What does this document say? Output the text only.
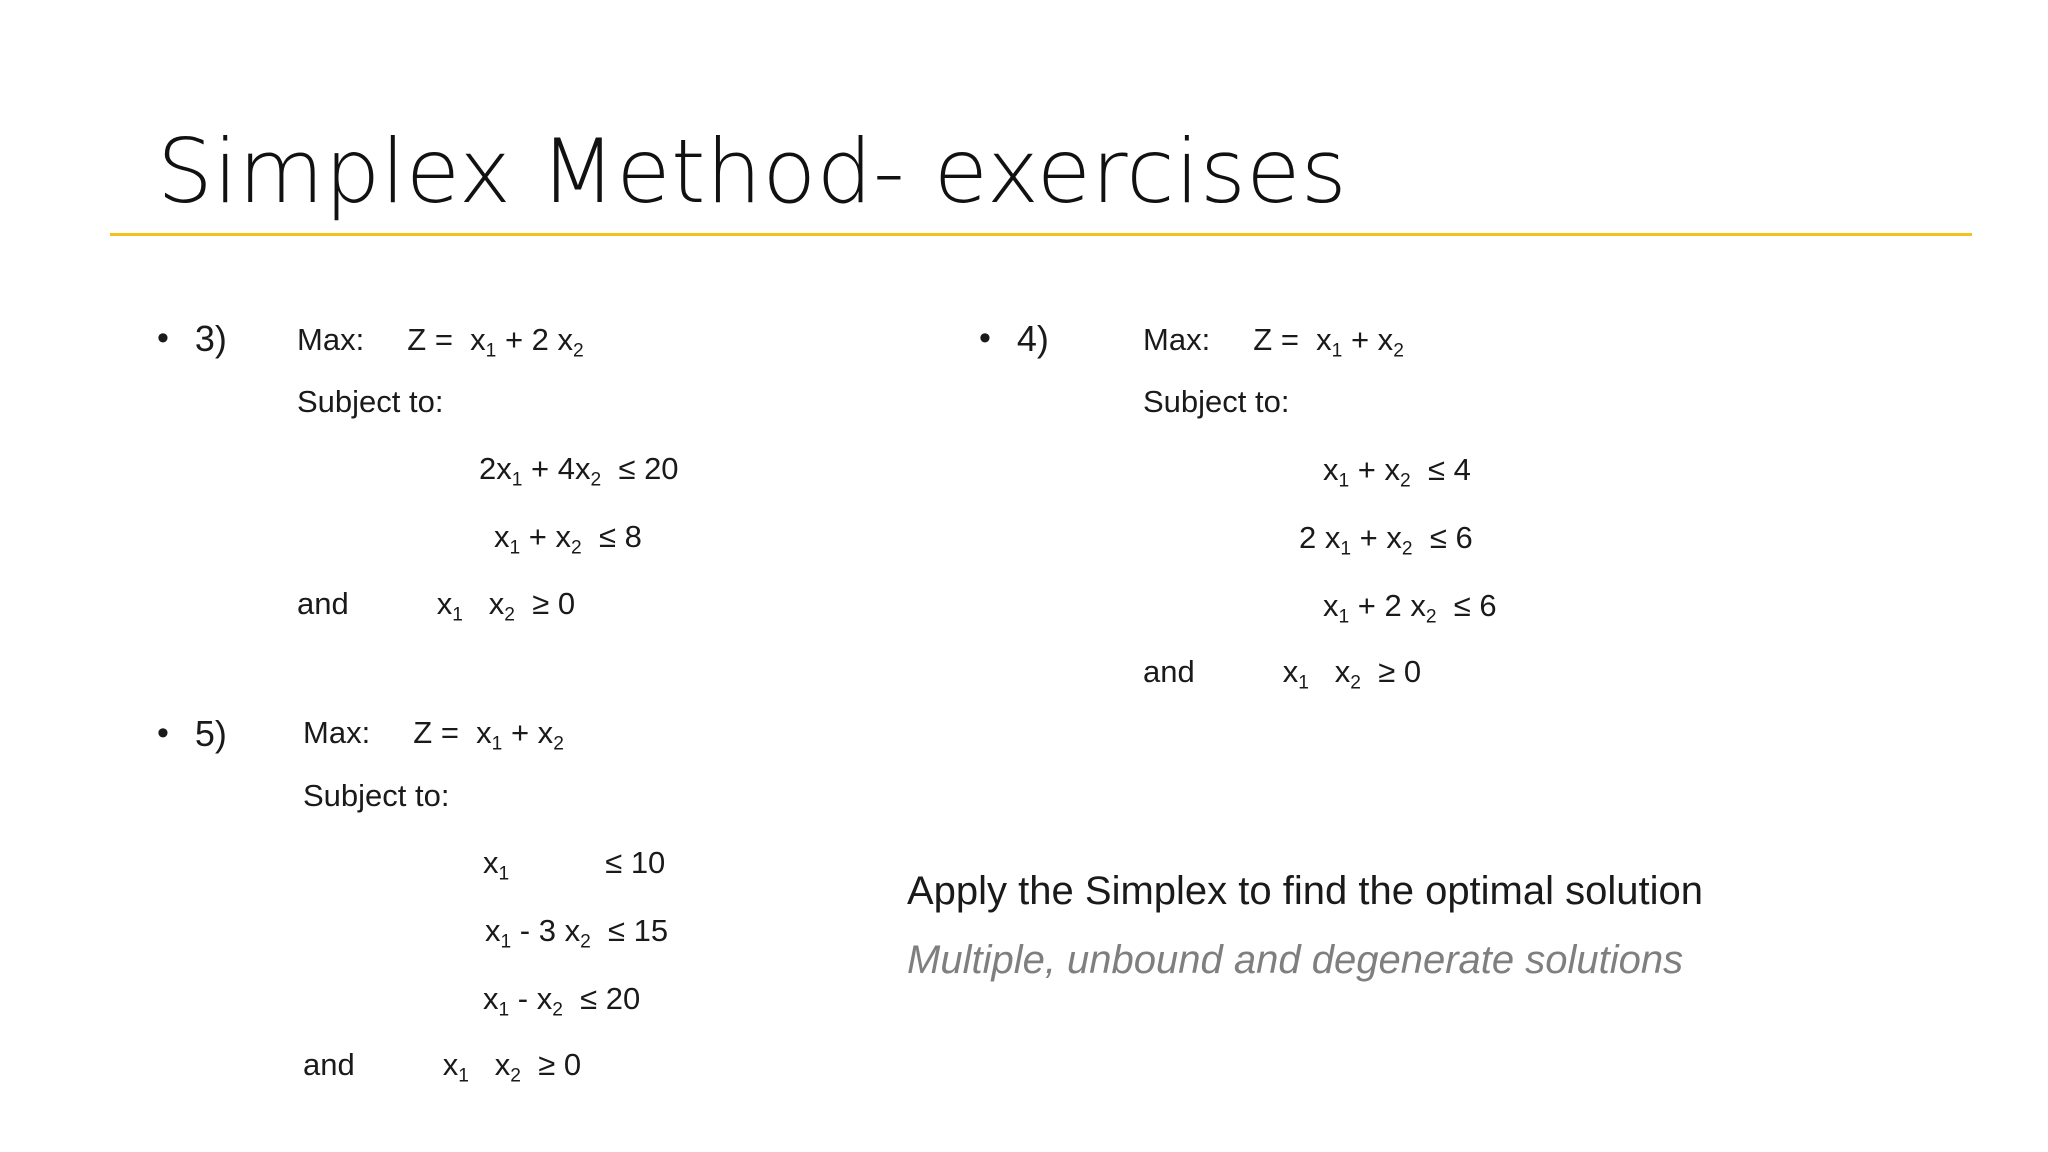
Simplex Method- exercises
• 3) Max: $Z = x_1 + 2$ $x_2$
Subject to:
$2x_1 + 4x_2 \le 20$
$x_1 + x_2 \le 8$
and	$x_1$ $x_2 \ge 0$
• 4)	Max: $Z = x_1 + x_2$
Subject to:
$x_1 + x_2 \le 4$
2 $x_1 + x_2 \le 6$
$x_1 + 2$ $x_2 \le 6$
and	$x_1$ $x_2 \ge 0$
• 5) Max: $Z = x_1 + x_2$
Subject to:
$x_1$	≤ 10
$x_1 - 3$ $x_2 \le 15$
$x_1 - x_2 \le 20$
and	$x_1$ $x_2 \ge 0$
Apply the Simplex to find the optimal solution
Multiple, unbound and degenerate solutions
